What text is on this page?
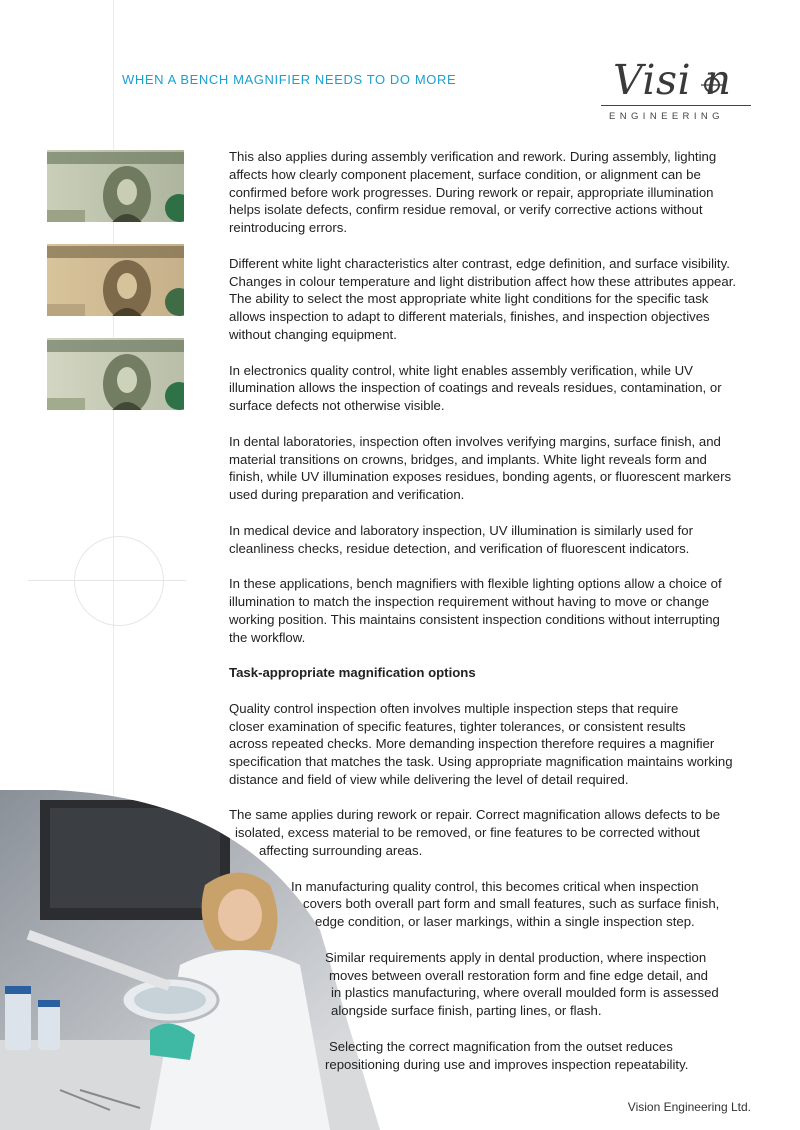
WHEN A BENCH MAGNIFIER NEEDS TO DO MORE	Visi n
ENGINEERING

This also applies during assembly verification and rework. During assembly, lighting
affects how clearly component placement, surface condition, or alignment can be
confirmed before work progresses. During rework or repair, appropriate illumination
helps isolate defects, confirm residue removal, or verify corrective actions without
reintroducing errors.

Different white light characteristics alter contrast, edge definition, and surface visibility.
Changes in colour temperature and light distribution affect how these attributes appear.
The ability to select the most appropriate white light conditions for the specific task
allows inspection to adapt to different materials, finishes, and inspection objectives
without changing equipment.

In electronics quality control, white light enables assembly verification, while UV
illumination allows the inspection of coatings and reveals residues, contamination, or
surface defects not otherwise visible.

In dental laboratories, inspection often involves verifying margins, surface finish, and
material transitions on crowns, bridges, and implants. White light reveals form and
finish, while UV illumination exposes residues, bonding agents, or fluorescent markers
used during preparation and verification.

In medical device and laboratory inspection, UV illumination is similarly used for
cleanliness checks, residue detection, and verification of fluorescent indicators.

In these applications, bench magnifiers with flexible lighting options allow a choice of
illumination to match the inspection requirement without having to move or change
working position. This maintains consistent inspection conditions without interrupting
the workflow.

Task-appropriate magnification options

Quality control inspection often involves multiple inspection steps that require
closer examination of specific features, tighter tolerances, or consistent results
across repeated checks. More demanding inspection therefore requires a magnifier
specification that matches the task. Using appropriate magnification maintains working
distance and field of view while delivering the level of detail required.

The same applies during rework or repair. Correct magnification allows defects to be
isolated, excess material to be removed, or fine features to be corrected without
affecting surrounding areas.

In manufacturing quality control, this becomes critical when inspection
covers both overall part form and small features, such as surface finish,
edge condition, or laser markings, within a single inspection step.

Similar requirements apply in dental production, where inspection
moves between overall restoration form and fine edge detail, and
in plastics manufacturing, where overall moulded form is assessed
alongside surface finish, parting lines, or flash.

Selecting the correct magnification from the outset reduces
repositioning during use and improves inspection repeatability.

Vision Engineering Ltd.
